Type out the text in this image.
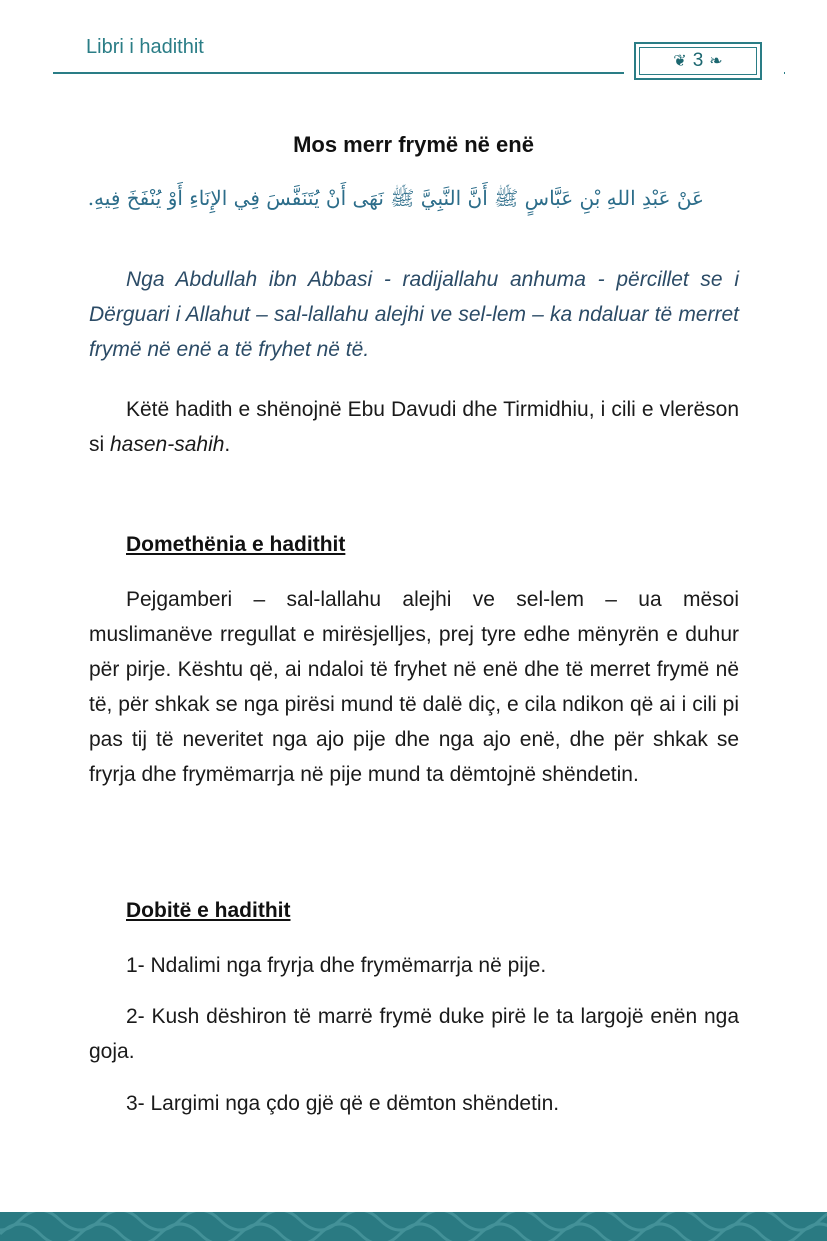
Libri i hadithit
❦ 3 ❧
Mos merr frymë në enë
عَنْ عَبْدِ اللهِ بْنِ عَبَّاسٍ ﷺ أَنَّ النَّبِيَّ ﷺ نَهَى أَنْ يُتَنَفَّسَ فِي الإِنَاءِ أَوْ يُنْفَخَ فِيهِ.
Nga Abdullah ibn Abbasi - radijallahu anhuma - përcillet se i Dërguari i Allahut – sal-lallahu alejhi ve sel-lem – ka ndaluar të merret frymë në enë a të fryhet në të.
Këtë hadith e shënojnë Ebu Davudi dhe Tirmidhiu, i cili e vlerëson si hasen-sahih.
Domethënia e hadithit
Pejgamberi – sal-lallahu alejhi ve sel-lem – ua mësoi muslimanëve rregullat e mirësjelljes, prej tyre edhe mënyrën e duhur për pirje. Kështu që, ai ndaloi të fryhet në enë dhe të merret frymë në të, për shkak se nga pirësi mund të dalë diç, e cila ndikon që ai i cili pi pas tij të neveritet nga ajo pije dhe nga ajo enë, dhe për shkak se fryrja dhe frymëmarrja në pije mund ta dëmtojnë shëndetin.
Dobitë e hadithit
1- Ndalimi nga fryrja dhe frymëmarrja në pije.
2- Kush dëshiron të marrë frymë duke pirë le ta largojë enën nga goja.
3- Largimi nga çdo gjë që e dëmton shëndetin.
